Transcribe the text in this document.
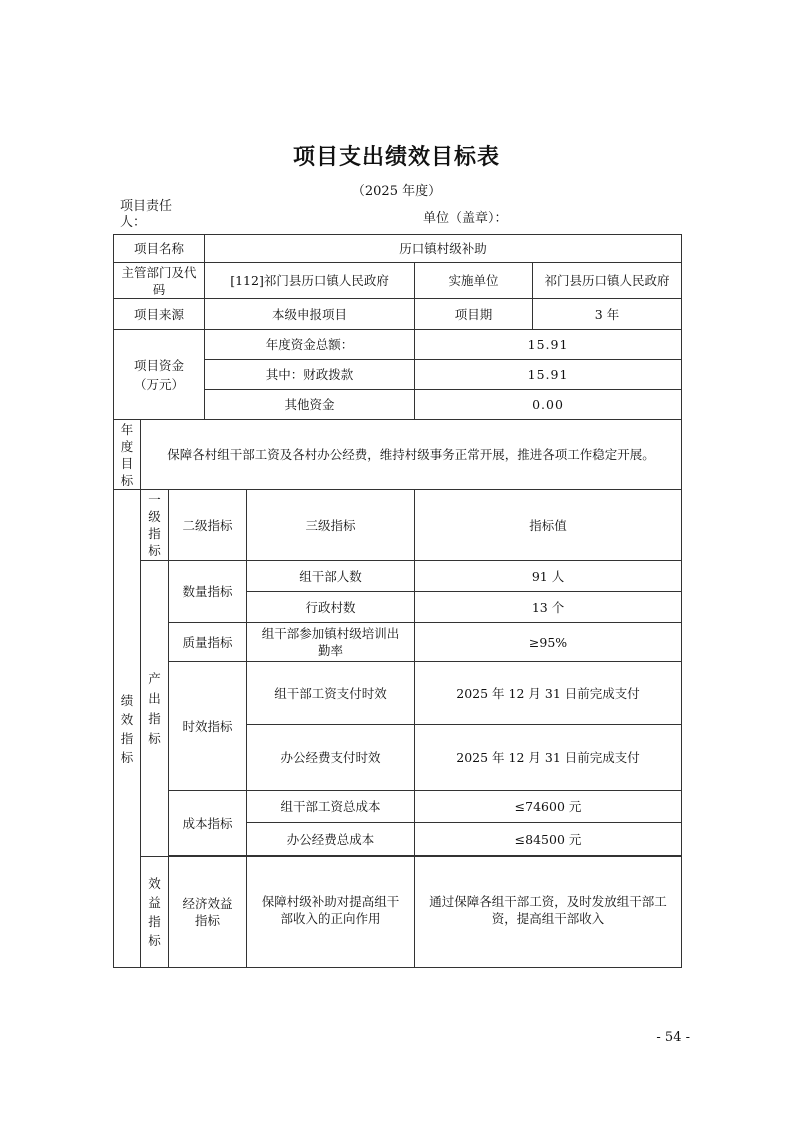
项目支出绩效目标表
（2025 年度）
项目责任人：	单位（盖章）：
项目名称			历口镇村级补助			
主管部门及代码			[112]祁门县历口镇人民政府		实施单位	祁门县历口镇人民政府
项目来源			本级申报项目		项目期	3 年

项目资金（万元）			年度资金总额：		15.91	
			其中：财政拨款		15.91	
			其他资金		0.00	

年度目标	保障各村组干部工资及各村办公经费，维持村级事务正常开展，推进各项工作稳定开展。					

绩效指标	一级指标	二级指标		三级指标	指标值	

	产出指标	数量指标		组干部人数	91 人	
				行政村数	13 个	
		质量指标		组干部参加镇村级培训出勤率	≥95%	
		时效指标		组干部工资支付时效	2025 年 12 月 31 日前完成支付	
				办公经费支付时效	2025 年 12 月 31 日前完成支付	
		成本指标		组干部工资总成本	≤74600 元	
				办公经费总成本	≤84500 元	

	效益指标	经济效益指标		保障村级补助对提高组干部收入的正向作用	通过保障各组干部工资，及时发放组干部工资，提高组干部收入	
- 54 -
